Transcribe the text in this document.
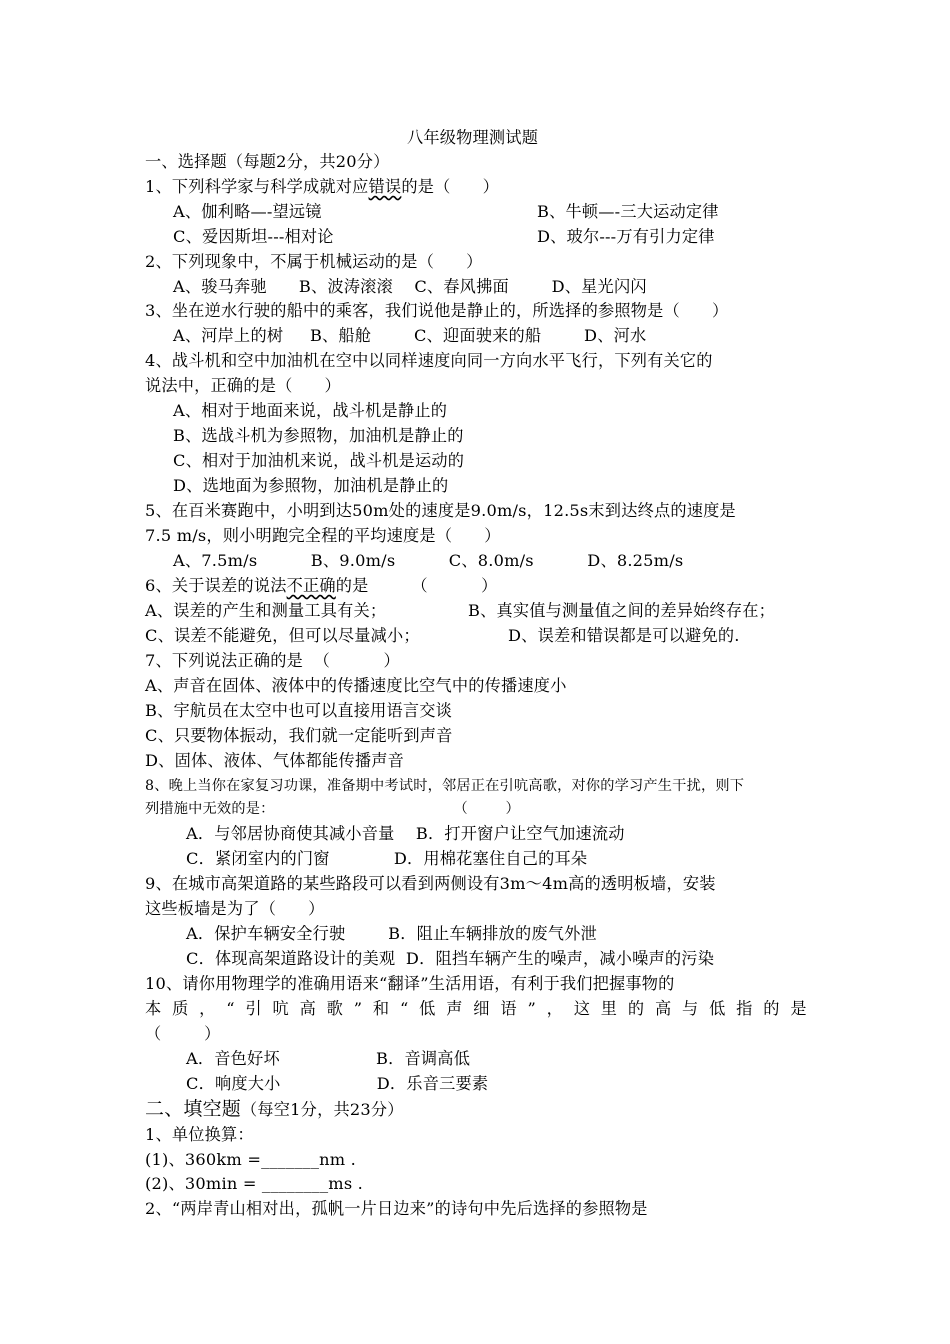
八年级物理测试题
一、选择题（每题2分，共20分）
1、下列科学家与科学成就对应错误的是（      ）
A、伽利略—-望远镜	B、牛顿—-三大运动定律
C、爱因斯坦---相对论	D、玻尔---万有引力定律
2、下列现象中，不属于机械运动的是（      ）
A、骏马奔驰      B、波涛滚滚    C、春风拂面        D、星光闪闪
3、坐在逆水行驶的船中的乘客，我们说他是静止的，所选择的参照物是（      ）
A、河岸上的树     B、船舱        C、迎面驶来的船        D、河水
4、战斗机和空中加油机在空中以同样速度向同一方向水平飞行，下列有关它的
说法中，正确的是（      ）
A、相对于地面来说，战斗机是静止的
B、选战斗机为参照物，加油机是静止的
C、相对于加油机来说，战斗机是运动的
D、选地面为参照物，加油机是静止的
5、在百米赛跑中，小明到达50m处的速度是9.0m/s，12.5s末到达终点的速度是
7.5 m/s，则小明跑完全程的平均速度是（      ）
A、7.5m/s          B、9.0m/s          C、8.0m/s          D、8.25m/s
6、关于误差的说法不正确的是        （          ）
A、误差的产生和测量工具有关；	B、真实值与测量值之间的差异始终存在；
C、误差不能避免，但可以尽量减小；	D、误差和错误都是可以避免的.
7、下列说法正确的是  （          ）
A、声音在固体、液体中的传播速度比空气中的传播速度小
B、宇航员在太空中也可以直接用语言交谈
C、只要物体振动，我们就一定能听到声音
D、固体、液体、气体都能传播声音
8、晚上当你在家复习功课，准备期中考试时，邻居正在引吭高歌，对你的学习产生干扰，则下
列措施中无效的是：                                      （        ）
A．与邻居协商使其减小音量    B．打开窗户让空气加速流动
C．紧闭室内的门窗            D．用棉花塞住自己的耳朵
9、在城市高架道路的某些路段可以看到两侧设有3m～4m高的透明板墙，安装
这些板墙是为了（      ）
A．保护车辆安全行驶        B．阻止车辆排放的废气外泄
C．体现高架道路设计的美观  D．阻挡车辆产生的噪声，减小噪声的污染
10、请你用物理学的准确用语来“翻译”生活用语，有利于我们把握事物的
本 质 ， “ 引 吭 高 歌 ” 和 “ 低 声 细 语 ” ， 这 里 的 高 与 低 指 的 是
（        ）
A．音色好坏                  B．音调高低
C．响度大小                  D．乐音三要素
二、填空题（每空1分，共23分）
1、单位换算：
(1)、360km =_______nm .
(2)、30min = ________ms .
2、“两岸青山相对出，孤帆一片日边来”的诗句中先后选择的参照物是
